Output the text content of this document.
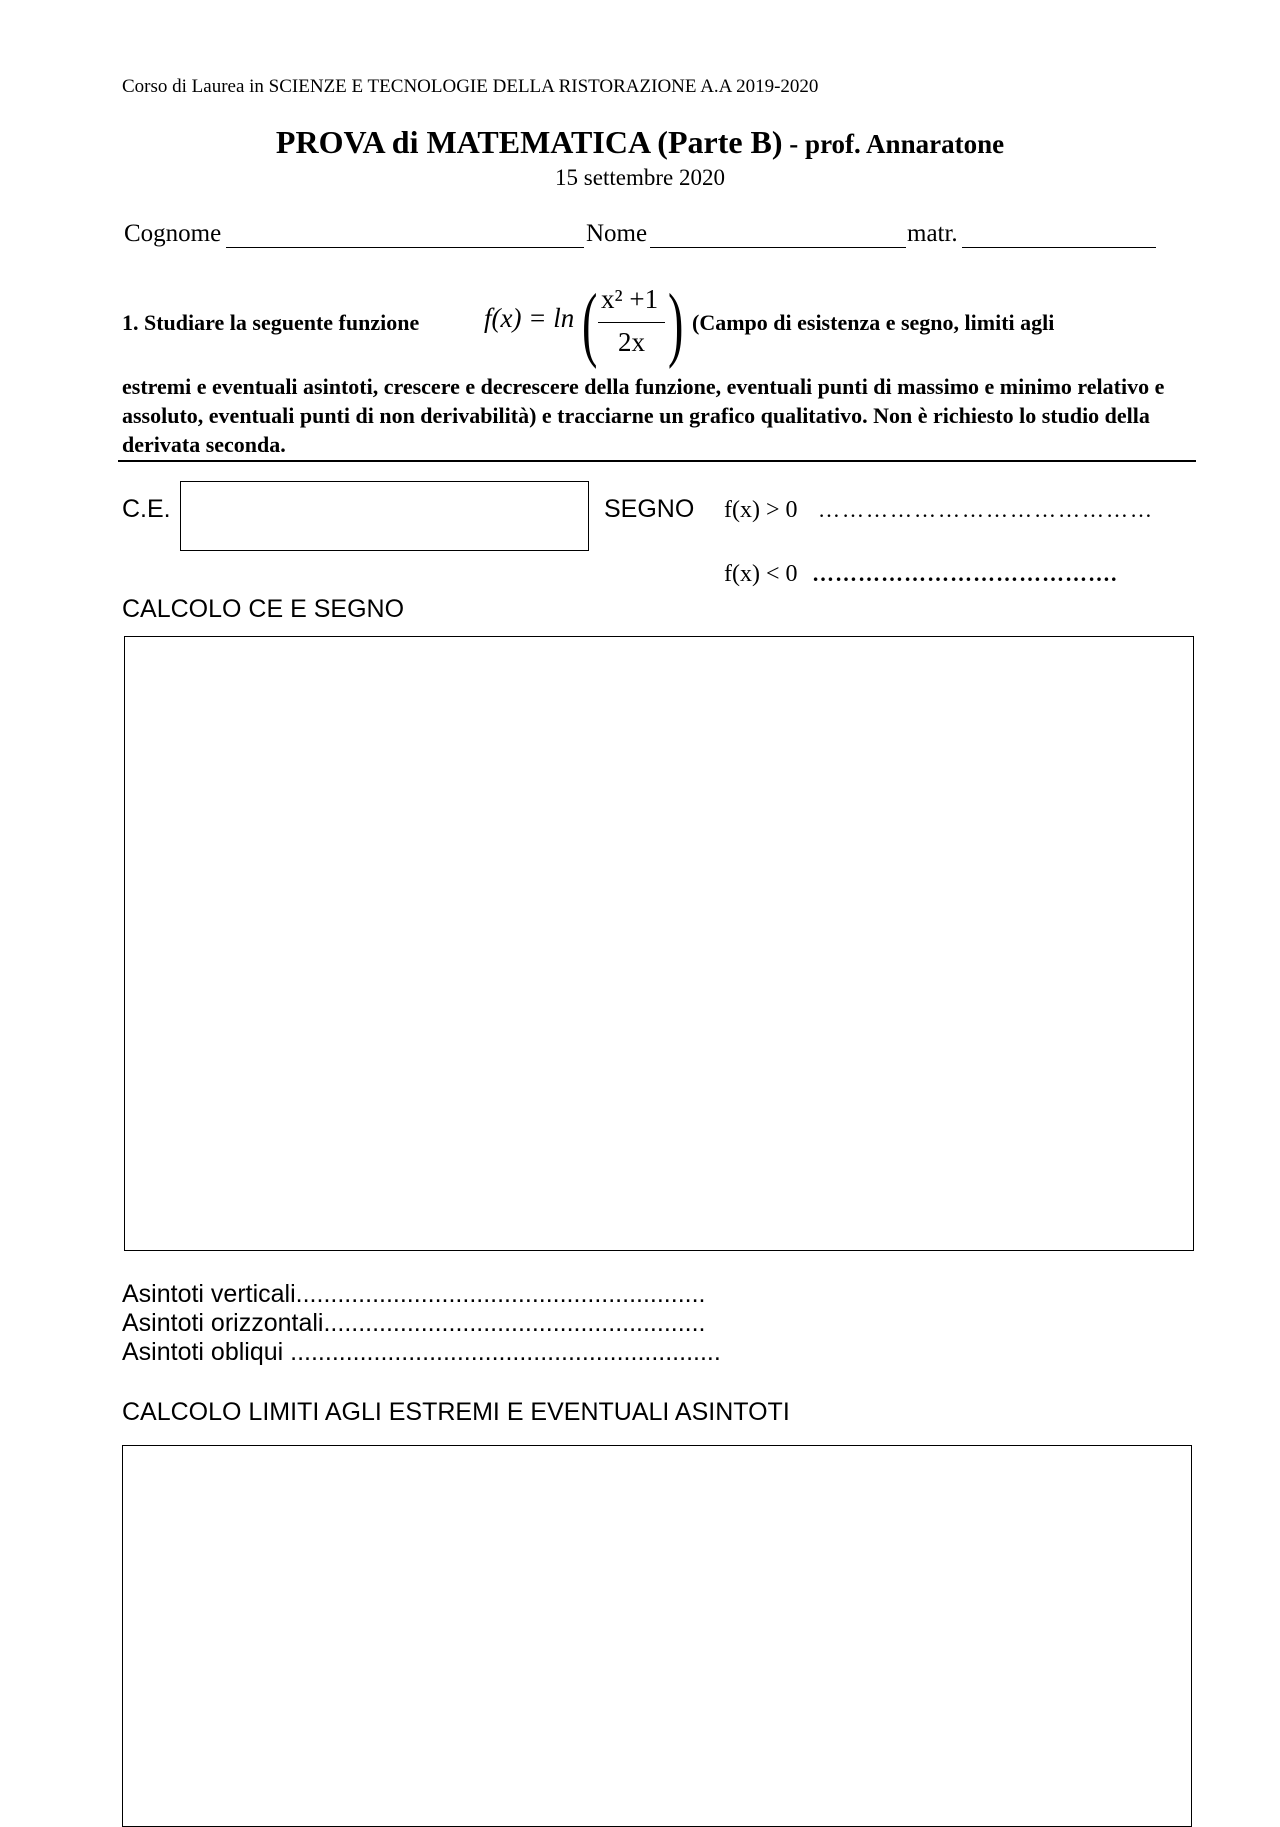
Corso di Laurea in SCIENZE E TECNOLOGIE DELLA RISTORAZIONE A.A 2019-2020
PROVA di MATEMATICA (Parte B) - prof. Annaratone
15 settembre 2020
Cognome	Nome	matr.
1. Studiare la seguente funzione f(x) = ln ( x² +1
2x ) (Campo di esistenza e segno, limiti agli
estremi e eventuali asintoti, crescere e decrescere della funzione, eventuali punti di massimo e minimo relativo e assoluto, eventuali punti di non derivabilità) e tracciarne un grafico qualitativo. Non è richiesto lo studio della derivata seconda.
C.E.	SEGNO f(x) > 0 ……………………………………
f(x) < 0 ………………………………….
CALCOLO CE E SEGNO
Asintoti verticali...........................................................
Asintoti orizzontali.......................................................
Asintoti obliqui ..............................................................
CALCOLO LIMITI AGLI ESTREMI E EVENTUALI ASINTOTI
